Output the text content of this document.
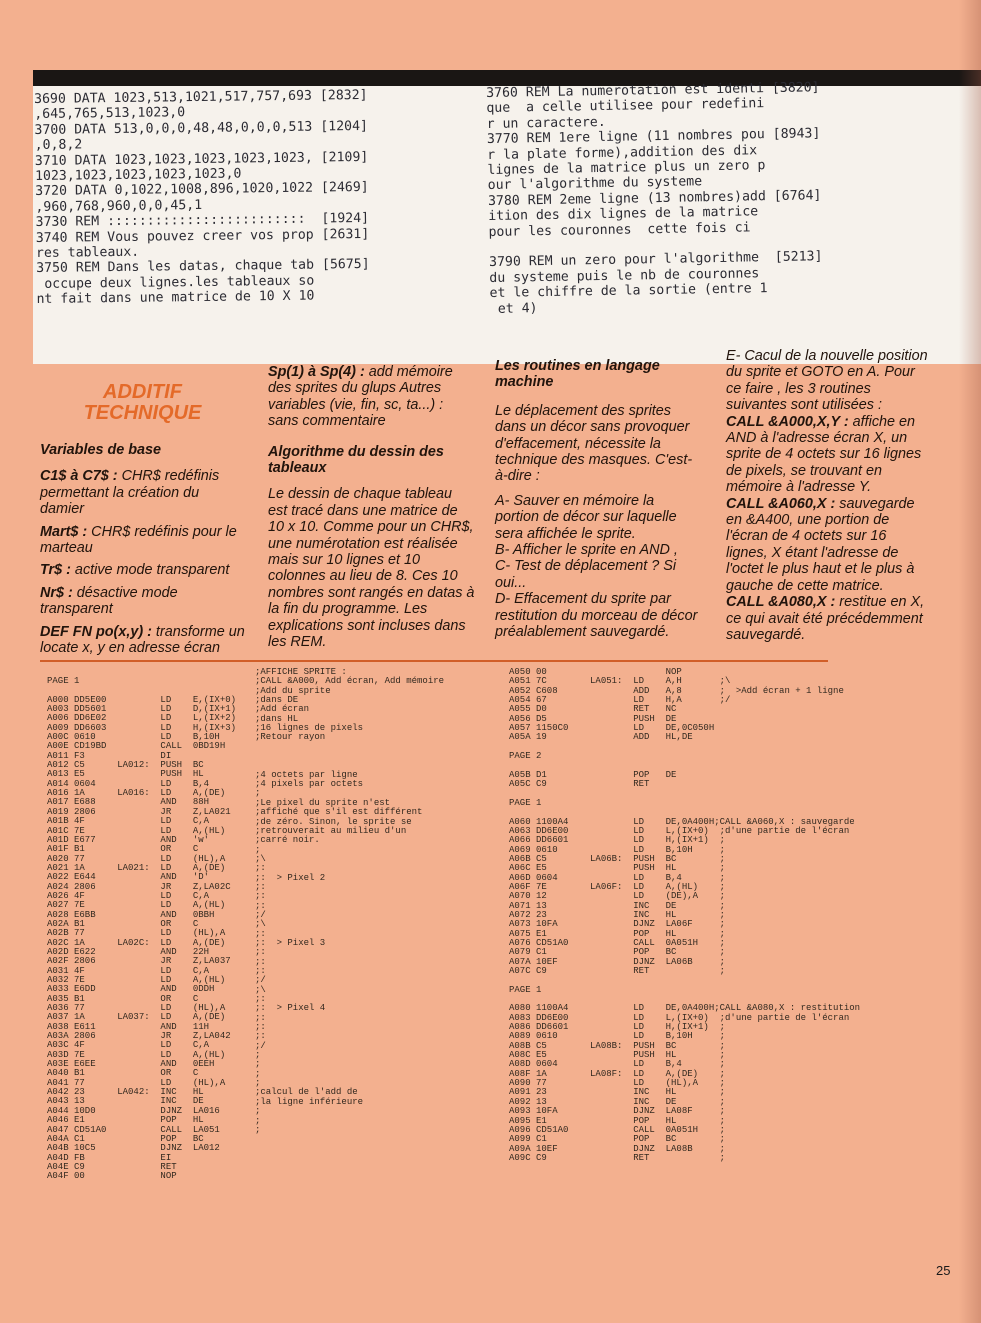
3690 DATA 1023,513,1021,517,757,693 [2832]
,645,765,513,1023,0
3700 DATA 513,0,0,0,48,48,0,0,0,513 [1204]
,0,8,2
3710 DATA 1023,1023,1023,1023,1023, [2109]
1023,1023,1023,1023,1023,0
3720 DATA 0,1022,1008,896,1020,1022 [2469]
,960,768,960,0,0,45,1
3730 REM :::::::::::::::::::::::::  [1924]
3740 REM Vous pouvez creer vos prop [2631]
res tableaux.
3750 REM Dans les datas, chaque tab [5675]
occupe deux lignes.les tableaux so
nt fait dans une matrice de 10 X 10
3760 REM La numerotation est identi [3820]
que  a celle utilisee pour redefini
r un caractere.
3770 REM 1ere ligne (11 nombres pou [8943]
r la plate forme),addition des dix
lignes de la matrice plus un zero p
our l'algorithme du systeme
3780 REM 2eme ligne (13 nombres)add [6764]
ition des dix lignes de la matrice
pour les couronnes  cette fois ci

3790 REM un zero pour l'algorithme  [5213]
du systeme puis le nb de couronnes
et le chiffre de la sortie (entre 1
et 4)

ADDITIF TECHNIQUE

Variables de base

C1$ à C7$ : CHR$ redéfinis permettant la création du damier

Mart$ : CHR$ redéfinis pour le marteau

Tr$ : active mode transparent

Nr$ : désactive mode transparent

DEF FN po(x,y) : transforme un locate x, y en adresse écran

Sp(1) à Sp(4) : add mémoire des sprites du glups Autres variables (vie, fin, sc, ta...) : sans commentaire

Algorithme du dessin des tableaux

Le dessin de chaque tableau est tracé dans une matrice de 10 x 10. Comme pour un CHR$, une numérotation est réalisée mais sur 10 lignes et 10 colonnes au lieu de 8. Ces 10 nombres sont rangés en datas à la fin du programme. Les explications sont incluses dans les REM.

Les routines en langage machine

Le déplacement des sprites dans un décor sans provoquer d'effacement, nécessite la technique des masques. C'est-à-dire :

A- Sauver en mémoire la portion de décor sur laquelle sera affichée le sprite.

B- Afficher le sprite en AND ,

C- Test de déplacement ? Si oui...

D- Effacement du sprite par restitution du morceau de décor préalablement sauvegardé.

E- Cacul de la nouvelle position du sprite et GOTO en A. Pour ce faire , les 3 routines suivantes sont utilisées :

CALL &A000,X,Y : affiche en AND à l'adresse écran X, un sprite de 4 octets sur 16 lignes de pixels, se trouvant en mémoire à l'adresse Y.

CALL &A060,X : sauvegarde en &A400, une portion de l'écran de 4 octets sur 16 lignes, X étant l'adresse de l'octet le plus haut et le plus à gauche de cette matrice.

CALL &A080,X : restitue en X, ce qui avait été précédemment sauvegardé.

PAGE 1

A000 DD5E00          LD    E,(IX+0)
A003 DD5601          LD    D,(IX+1)
A006 DD6E02          LD    L,(IX+2)
A009 DD6603          LD    H,(IX+3)
A00C 0610            LD    B,10H
A00E CD19BD          CALL  0BD19H
A011 F3              DI
A012 C5      LA012:  PUSH  BC
A013 E5              PUSH  HL
A014 0604            LD    B,4
A016 1A      LA016:  LD    A,(DE)
A017 E688            AND   88H
A019 2806            JR    Z,LA021
A01B 4F              LD    C,A
A01C 7E              LD    A,(HL)
A01D E677            AND   'w'
A01F B1              OR    C
A020 77              LD    (HL),A
A021 1A      LA021:  LD    A,(DE)
A022 E644            AND   'D'
A024 2806            JR    Z,LA02C
A026 4F              LD    C,A
A027 7E              LD    A,(HL)
A028 E6BB            AND   0BBH
A02A B1              OR    C
A02B 77              LD    (HL),A
A02C 1A      LA02C:  LD    A,(DE)
A02D E622            AND   22H
A02F 2806            JR    Z,LA037
A031 4F              LD    C,A
A032 7E              LD    A,(HL)
A033 E6DD            AND   0DDH
A035 B1              OR    C
A036 77              LD    (HL),A
A037 1A      LA037:  LD    A,(DE)
A038 E611            AND   11H
A03A 2806            JR    Z,LA042
A03C 4F              LD    C,A
A03D 7E              LD    A,(HL)
A03E E6EE            AND   0EEH
A040 B1              OR    C
A041 77              LD    (HL),A
A042 23      LA042:  INC   HL
A043 13              INC   DE
A044 10D0            DJNZ  LA016
A046 E1              POP   HL
A047 CD51A0          CALL  LA051
A04A C1              POP   BC
A04B 10C5            DJNZ  LA012
A04D FB              EI
A04E C9              RET
A04F 00              NOP
;AFFICHE SPRITE :
;CALL &A000, Add écran, Add mémoire
;Add du sprite
;dans DE
;Add écran
;dans HL
;16 lignes de pixels
;Retour rayon

;4 octets par ligne
;4 pixels par octets
;
;Le pixel du sprite n'est
;affiché que s'il est différent
;de zéro. Sinon, le sprite se
;retrouverait au milieu d'un
;carré noir.
;
;\
;:
;:  > Pixel 2
;:
;:
;:
;/
;\
;:
;:  > Pixel 3
;:
;:
;:
;/
;\
;:
;:  > Pixel 4
;:
;:
;:
;/
;
;
;
;
;calcul de l'add de
;la ligne inférieure
;
;
;
A050 00                      NOP
A051 7C        LA051:  LD    A,H       ;\
A052 C608              ADD   A,8       ;  >Add écran + 1 ligne
A054 67                LD    H,A       ;/
A055 D0                RET   NC
A056 D5                PUSH  DE
A057 1150C0            LD    DE,0C050H
A05A 19                ADD   HL,DE

PAGE 2

A05B D1                POP   DE
A05C C9                RET

PAGE 1

A060 1100A4            LD    DE,0A400H;CALL &A060,X : sauvegarde
A063 DD6E00            LD    L,(IX+0)  ;d'une partie de l'écran
A066 DD6601            LD    H,(IX+1)  ;
A069 0610              LD    B,10H     ;
A06B C5        LA06B:  PUSH  BC        ;
A06C E5                PUSH  HL        ;
A06D 0604              LD    B,4       ;
A06F 7E        LA06F:  LD    A,(HL)    ;
A070 12                LD    (DE),A    ;
A071 13                INC   DE        ;
A072 23                INC   HL        ;
A073 10FA              DJNZ  LA06F     ;
A075 E1                POP   HL        ;
A076 CD51A0            CALL  0A051H    ;
A079 C1                POP   BC        ;
A07A 10EF              DJNZ  LA06B     ;
A07C C9                RET             ;

PAGE 1

A080 1100A4            LD    DE,0A400H;CALL &A080,X : restitution
A083 DD6E00            LD    L,(IX+0)  ;d'une partie de l'écran
A086 DD6601            LD    H,(IX+1)  ;
A089 0610              LD    B,10H     ;
A08B C5        LA08B:  PUSH  BC        ;
A08C E5                PUSH  HL        ;
A08D 0604              LD    B,4       ;
A08F 1A        LA08F:  LD    A,(DE)    ;
A090 77                LD    (HL),A    ;
A091 23                INC   HL        ;
A092 13                INC   DE        ;
A093 10FA              DJNZ  LA08F     ;
A095 E1                POP   HL        ;
A096 CD51A0            CALL  0A051H    ;
A099 C1                POP   BC        ;
A09A 10EF              DJNZ  LA08B     ;
A09C C9                RET             ;
25
